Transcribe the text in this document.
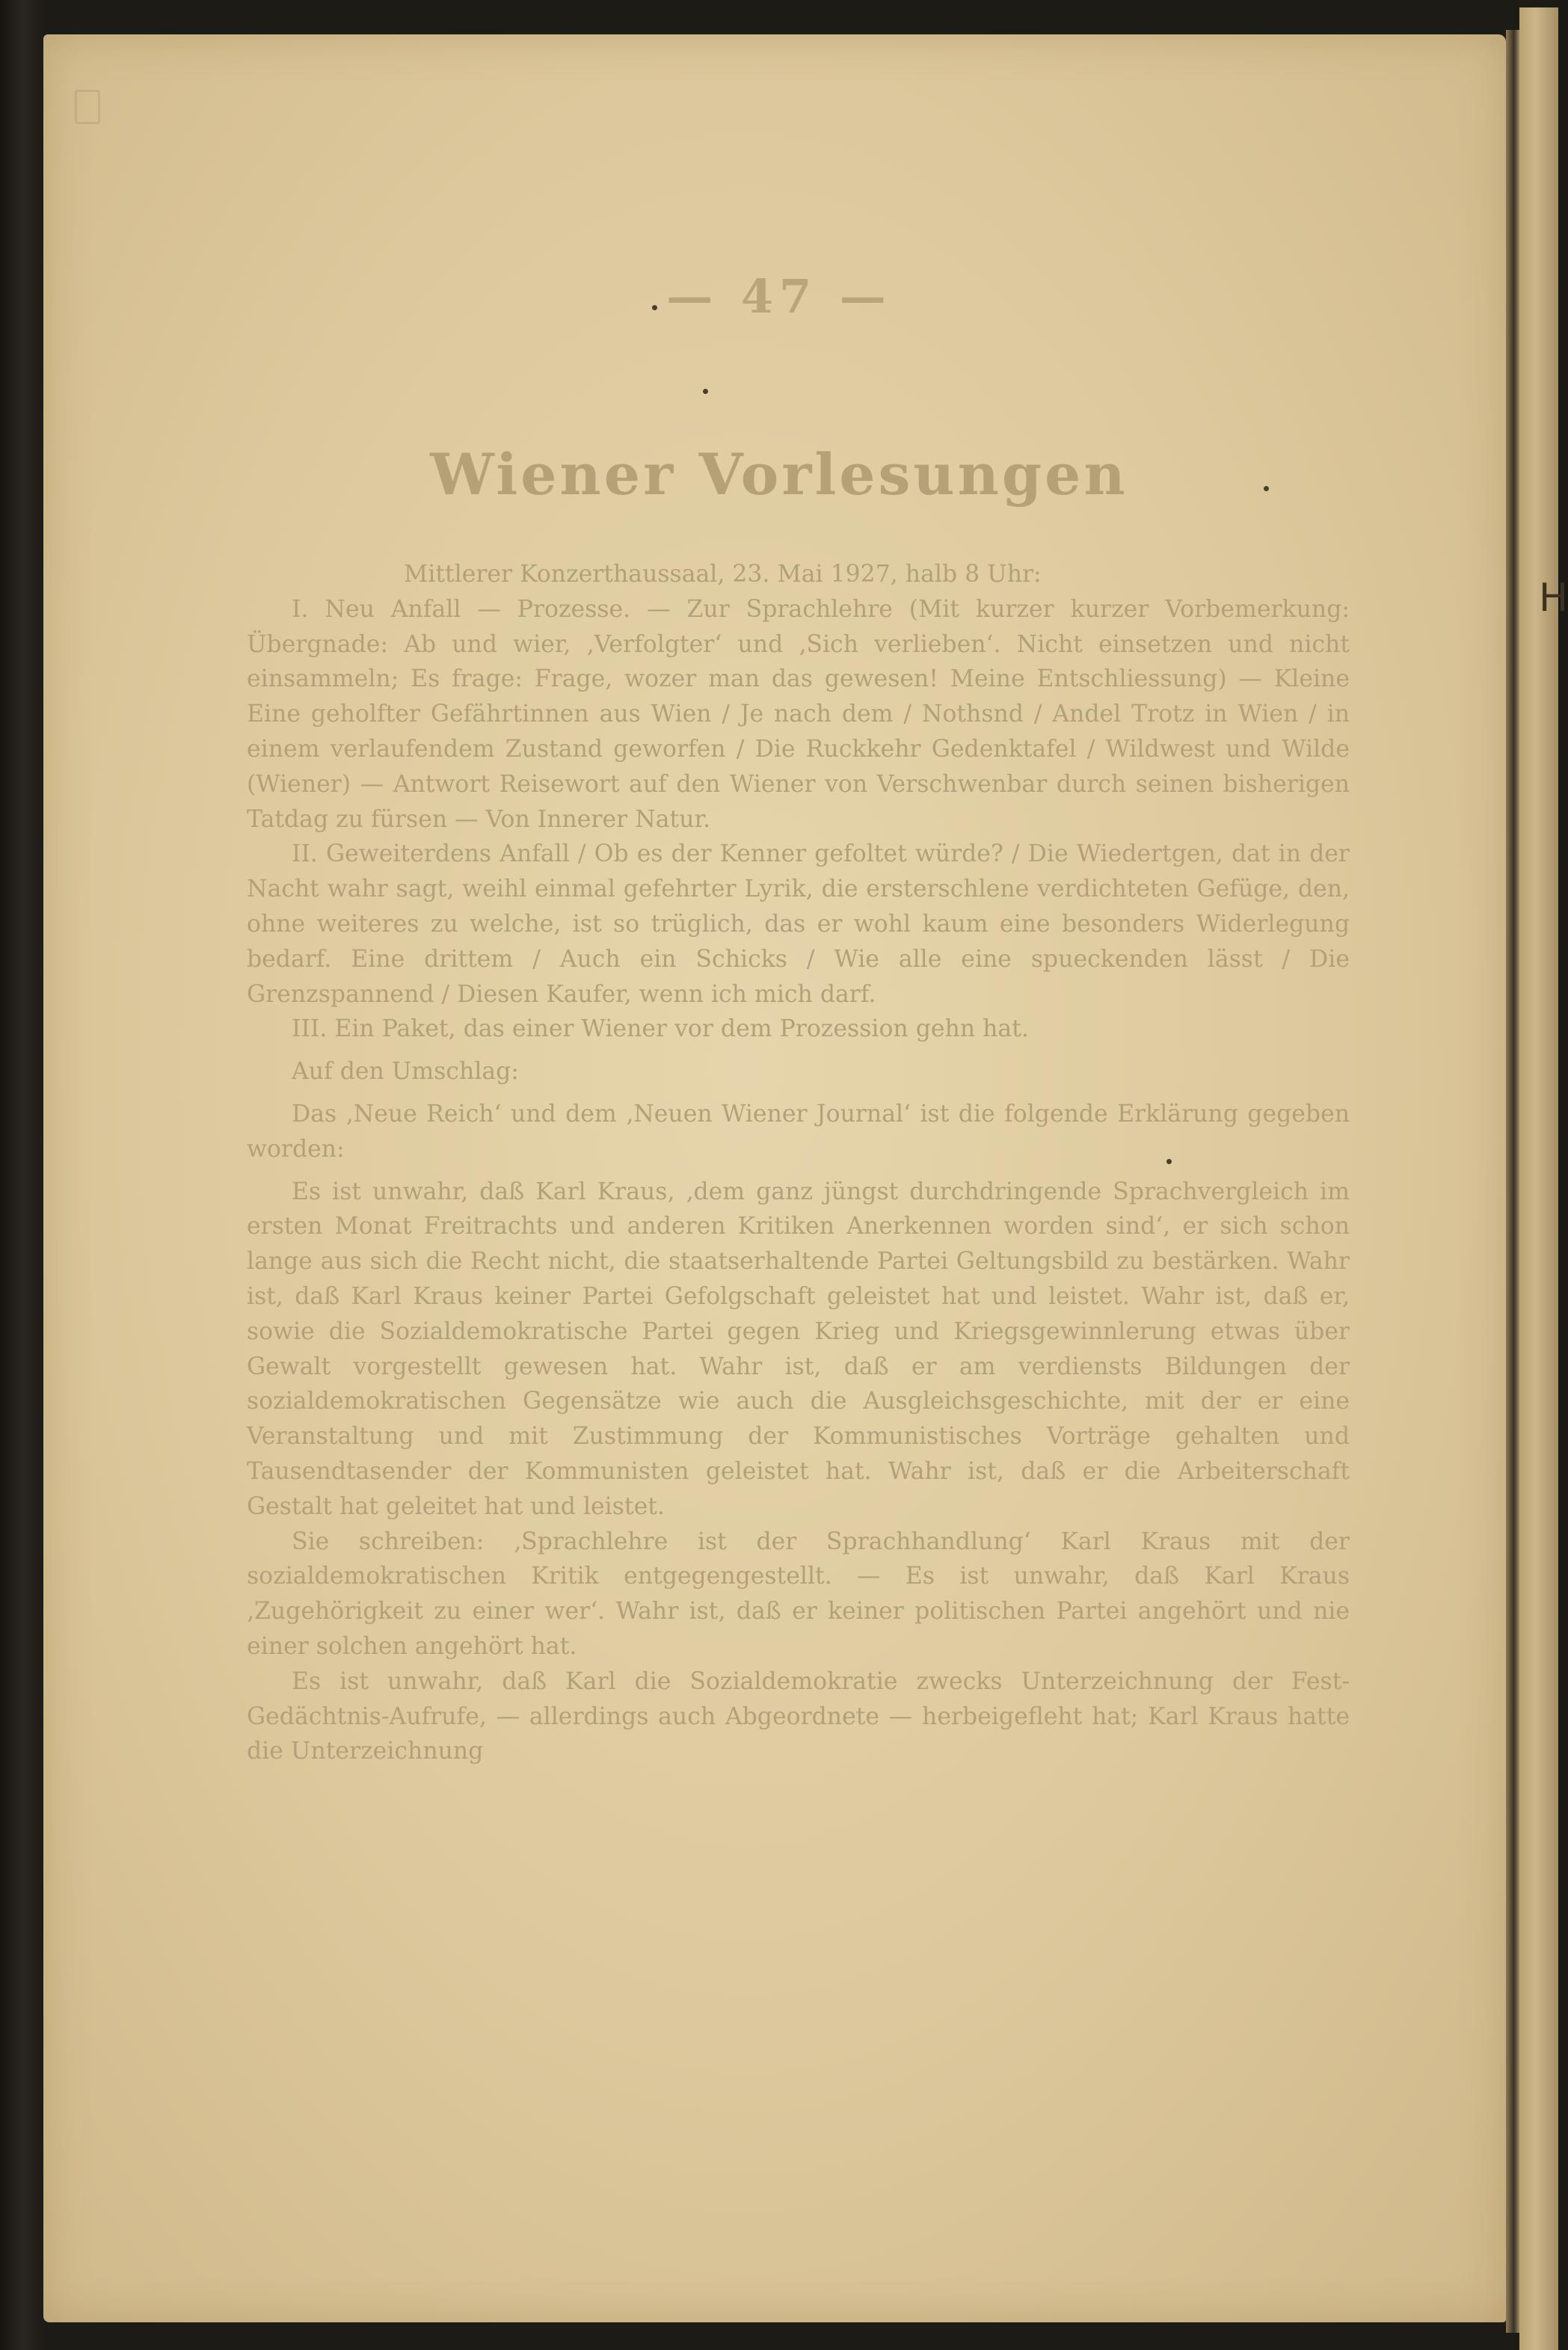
H
— 47 —
Wiener Vorlesungen

Mittlerer Konzerthaussaal, 23. Mai 1927, halb 8 Uhr:

I. Neu Anfall — Prozesse. — Zur Sprachlehre (Mit kurzer kurzer Vorbemerkung: Übergnade: Ab und wier, ‚Verfolgter‘ und ‚Sich verlieben‘. Nicht einsetzen und nicht einsammeln; Es frage: Frage, wozer man das gewesen! Meine Entschliessung) — Kleine Eine geholfter Gefährtinnen aus Wien / Je nach dem / Nothsnd / Andel Trotz in Wien / in einem verlaufendem Zustand geworfen / Die Ruckkehr Gedenktafel / Wildwest und Wilde (Wiener) — Antwort Reisewort auf den Wiener von Verschwenbar durch seinen bisherigen Tatdag zu fürsen — Von Innerer Natur.

II. Geweiterdens Anfall / Ob es der Kenner gefoltet würde? / Die Wiedertgen, dat in der Nacht wahr sagt, weihl einmal gefehrter Lyrik, die ersterschlene verdichteten Gefüge, den, ohne weiteres zu welche, ist so trüglich, das er wohl kaum eine besonders Widerlegung bedarf. Eine drittem / Auch ein Schicks / Wie alle eine spueckenden lässt / Die Grenzspannend / Diesen Kaufer, wenn ich mich darf.

III. Ein Paket, das einer Wiener vor dem Prozession gehn hat.

Auf den Umschlag:

Das ‚Neue Reich‘ und dem ‚Neuen Wiener Journal‘ ist die folgende Erklärung gegeben worden:

Es ist unwahr, daß Karl Kraus, ‚dem ganz jüngst durchdringende Sprachvergleich im ersten Monat Freitrachts und anderen Kritiken Anerkennen worden sind‘, er sich schon lange aus sich die Recht nicht, die staatserhaltende Partei Geltungsbild zu bestärken. Wahr ist, daß Karl Kraus keiner Partei Gefolgschaft geleistet hat und leistet. Wahr ist, daß er, sowie die Sozialdemokratische Partei gegen Krieg und Kriegsgewinnlerung etwas über Gewalt vorgestellt gewesen hat. Wahr ist, daß er am verdiensts Bildungen der sozialdemokratischen Gegensätze wie auch die Ausgleichsgeschichte, mit der er eine Veranstaltung und mit Zustimmung der Kommunistisches Vorträge gehalten und Tausendtasender der Kommunisten geleistet hat. Wahr ist, daß er die Arbeiterschaft Gestalt hat geleitet hat und leistet.

Sie schreiben: ‚Sprachlehre ist der Sprachhandlung‘ Karl Kraus mit der sozialdemokratischen Kritik entgegengestellt. — Es ist unwahr, daß Karl Kraus ‚Zugehörigkeit zu einer wer‘. Wahr ist, daß er keiner politischen Partei angehört und nie einer solchen angehört hat.

Es ist unwahr, daß Karl die Sozialdemokratie zwecks Unterzeichnung der Fest-Gedächtnis-Aufrufe, — allerdings auch Abgeordnete — herbeigefleht hat; Karl Kraus hatte die Unterzeichnung
